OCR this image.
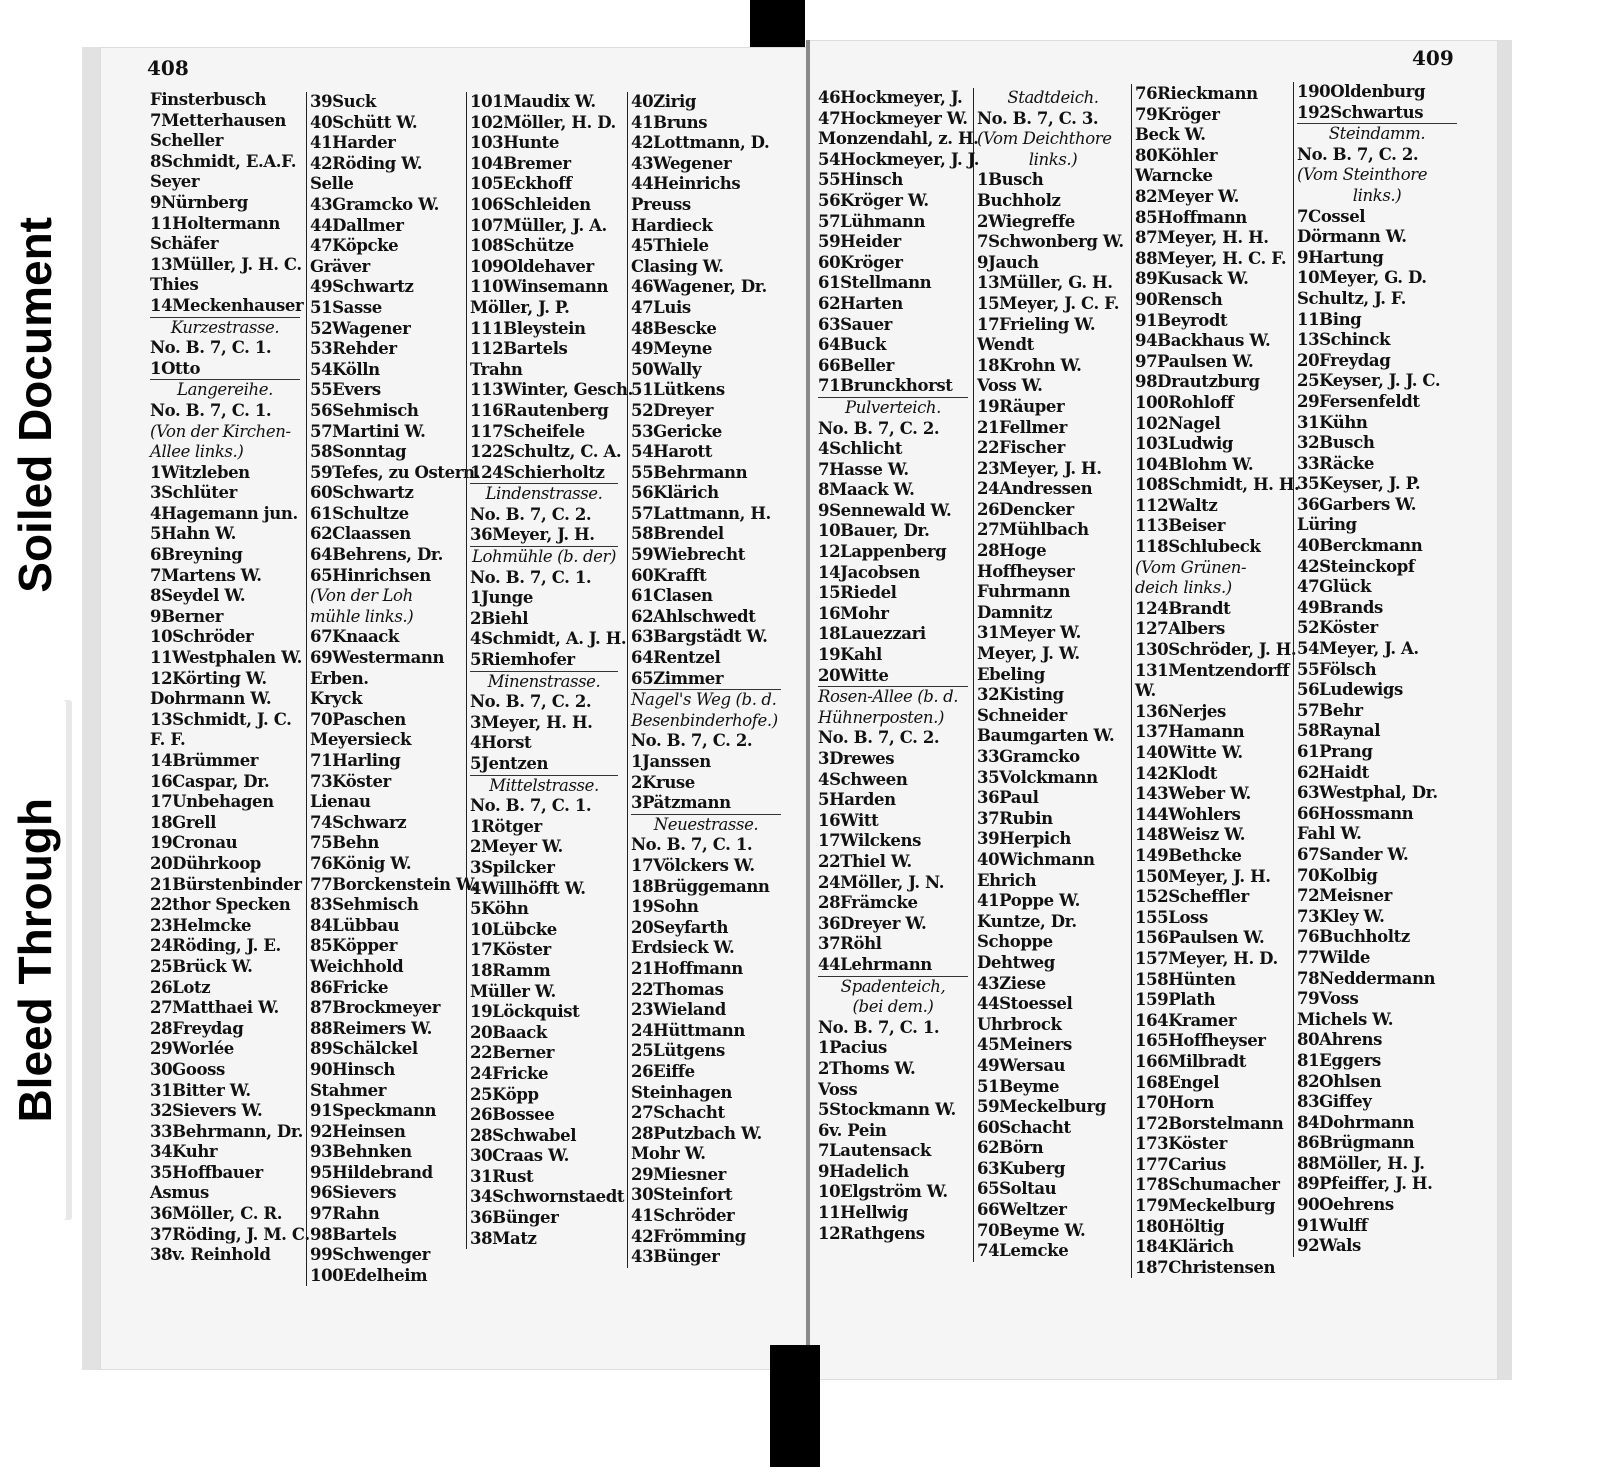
Soiled Document
Bleed Through
408	409
Finsterbusch
7Metterhausen
Scheller
8Schmidt, E.A.F.
Seyer
9Nürnberg
11Holtermann
Schäfer
13Müller, J. H. C.
Thies
14Meckenhauser
Kurzestrasse.
No. B. 7, C. 1.
1Otto
Langereihe.
No. B. 7, C. 1.
(Von der Kirchen-
Allee links.)
1Witzleben
3Schlüter
4Hagemann jun.
5Hahn W.
6Breyning
7Martens W.
8Seydel W.
9Berner
10Schröder
11Westphalen W.
12Körting W.
Dohrmann W.
13Schmidt, J. C.
F. F.
14Brümmer
16Caspar, Dr.
17Unbehagen
18Grell
19Cronau
20Dührkoop
21Bürstenbinder
22thor Specken
23Helmcke
24Röding, J. E.
25Brück W.
26Lotz
27Matthaei W.
28Freydag
29Worlée
30Gooss
31Bitter W.
32Sievers W.
33Behrmann, Dr.
34Kuhr
35Hoffbauer
Asmus
36Möller, C. R.
37Röding, J. M. C.
38v. Reinhold
39Suck
40Schütt W.
41Harder
42Röding W.
Selle
43Gramcko W.
44Dallmer
47Köpcke
Gräver
49Schwartz
51Sasse
52Wagener
53Rehder
54Kölln
55Evers
56Sehmisch
57Martini W.
58Sonntag
59Tefes, zu Ostern.
60Schwartz
61Schultze
62Claassen
64Behrens, Dr.
65Hinrichsen
(Von der Loh
mühle links.)
67Knaack
69Westermann
Erben.
Kryck
70Paschen
Meyersieck
71Harling
73Köster
Lienau
74Schwarz
75Behn
76König W.
77Borckenstein W.
83Sehmisch
84Lübbau
85Köpper
Weichhold
86Fricke
87Brockmeyer
88Reimers W.
89Schälckel
90Hinsch
Stahmer
91Speckmann
92Heinsen
93Behnken
95Hildebrand
96Sievers
97Rahn
98Bartels
99Schwenger
100Edelheim
101Maudix W.
102Möller, H. D.
103Hunte
104Bremer
105Eckhoff
106Schleiden
107Müller, J. A.
108Schütze
109Oldehaver
110Winsemann
Möller, J. P.
111Bleystein
112Bartels
Trahn
113Winter, Gesch.
116Rautenberg
117Scheifele
122Schultz, C. A.
124Schierholtz
Lindenstrasse.
No. B. 7, C. 2.
36Meyer, J. H.
Lohmühle (b. der)
No. B. 7, C. 1.
1Junge
2Biehl
4Schmidt, A. J. H.
5Riemhofer
Minenstrasse.
No. B. 7, C. 2.
3Meyer, H. H.
4Horst
5Jentzen
Mittelstrasse.
No. B. 7, C. 1.
1Rötger
2Meyer W.
3Spilcker
4Willhöfft W.
5Köhn
10Lübcke
17Köster
18Ramm
Müller W.
19Löckquist
20Baack
22Berner
24Fricke
25Köpp
26Bossee
28Schwabel
30Craas W.
31Rust
34Schwornstaedt
36Bünger
38Matz
40Zirig
41Bruns
42Lottmann, D.
43Wegener
44Heinrichs
Preuss
Hardieck
45Thiele
Clasing W.
46Wagener, Dr.
47Luis
48Bescke
49Meyne
50Wally
51Lütkens
52Dreyer
53Gericke
54Harott
55Behrmann
56Klärich
57Lattmann, H.
58Brendel
59Wiebrecht
60Krafft
61Clasen
62Ahlschwedt
63Bargstädt W.
64Rentzel
65Zimmer
Nagel's Weg (b. d.
Besenbinderhofe.)
No. B. 7, C. 2.
1Janssen
2Kruse
3Pätzmann
Neuestrasse.
No. B. 7, C. 1.
17Völckers W.
18Brüggemann
19Sohn
20Seyfarth
Erdsieck W.
21Hoffmann
22Thomas
23Wieland
24Hüttmann
25Lütgens
26Eiffe
Steinhagen
27Schacht
28Putzbach W.
Mohr W.
29Miesner
30Steinfort
41Schröder
42Frömming
43Bünger
46Hockmeyer, J.
47Hockmeyer W.
Monzendahl, z. H.
54Hockmeyer, J. J.
55Hinsch
56Kröger W.
57Lühmann
59Heider
60Kröger
61Stellmann
62Harten
63Sauer
64Buck
66Beller
71Brunckhorst
Pulverteich.
No. B. 7, C. 2.
4Schlicht
7Hasse W.
8Maack W.
9Sennewald W.
10Bauer, Dr.
12Lappenberg
14Jacobsen
15Riedel
16Mohr
18Lauezzari
19Kahl
20Witte
Rosen-Allee (b. d.
Hühnerposten.)
No. B. 7, C. 2.
3Drewes
4Schween
5Harden
16Witt
17Wilckens
22Thiel W.
24Möller, J. N.
28Främcke
36Dreyer W.
37Röhl
44Lehrmann
Spadenteich,
(bei dem.)
No. B. 7, C. 1.
1Pacius
2Thoms W.
Voss
5Stockmann W.
6v. Pein
7Lautensack
9Hadelich
10Elgström W.
11Hellwig
12Rathgens
Stadtdeich.
No. B. 7, C. 3.
(Vom Deichthore
links.)
1Busch
Buchholz
2Wiegreffe
7Schwonberg W.
9Jauch
13Müller, G. H.
15Meyer, J. C. F.
17Frieling W.
Wendt
18Krohn W.
Voss W.
19Räuper
21Fellmer
22Fischer
23Meyer, J. H.
24Andressen
26Dencker
27Mühlbach
28Hoge
Hoffheyser
Fuhrmann
Damnitz
31Meyer W.
Meyer, J. W.
Ebeling
32Kisting
Schneider
Baumgarten W.
33Gramcko
35Volckmann
36Paul
37Rubin
39Herpich
40Wichmann
Ehrich
41Poppe W.
Kuntze, Dr.
Schoppe
Dehtweg
43Ziese
44Stoessel
Uhrbrock
45Meiners
49Wersau
51Beyme
59Meckelburg
60Schacht
62Börn
63Kuberg
65Soltau
66Weltzer
70Beyme W.
74Lemcke
76Rieckmann
79Kröger
Beck W.
80Köhler
Warncke
82Meyer W.
85Hoffmann
87Meyer, H. H.
88Meyer, H. C. F.
89Kusack W.
90Rensch
91Beyrodt
94Backhaus W.
97Paulsen W.
98Drautzburg
100Rohloff
102Nagel
103Ludwig
104Blohm W.
108Schmidt, H. H.
112Waltz
113Beiser
118Schlubeck
(Vom Grünen-
deich links.)
124Brandt
127Albers
130Schröder, J. H.
131Mentzendorff
W.
136Nerjes
137Hamann
140Witte W.
142Klodt
143Weber W.
144Wohlers
148Weisz W.
149Bethcke
150Meyer, J. H.
152Scheffler
155Loss
156Paulsen W.
157Meyer, H. D.
158Hünten
159Plath
164Kramer
165Hoffheyser
166Milbradt
168Engel
170Horn
172Borstelmann
173Köster
177Carius
178Schumacher
179Meckelburg
180Höltig
184Klärich
187Christensen
190Oldenburg
192Schwartus
Steindamm.
No. B. 7, C. 2.
(Vom Steinthore
links.)
7Cossel
Dörmann W.
9Hartung
10Meyer, G. D.
Schultz, J. F.
11Bing
13Schinck
20Freydag
25Keyser, J. J. C.
29Fersenfeldt
31Kühn
32Busch
33Räcke
35Keyser, J. P.
36Garbers W.
Lüring
40Berckmann
42Steinckopf
47Glück
49Brands
52Köster
54Meyer, J. A.
55Fölsch
56Ludewigs
57Behr
58Raynal
61Prang
62Haidt
63Westphal, Dr.
66Hossmann
Fahl W.
67Sander W.
70Kolbig
72Meisner
73Kley W.
76Buchholtz
77Wilde
78Neddermann
79Voss
Michels W.
80Ahrens
81Eggers
82Ohlsen
83Giffey
84Dohrmann
86Brügmann
88Möller, H. J.
89Pfeiffer, J. H.
90Oehrens
91Wulff
92Wals
